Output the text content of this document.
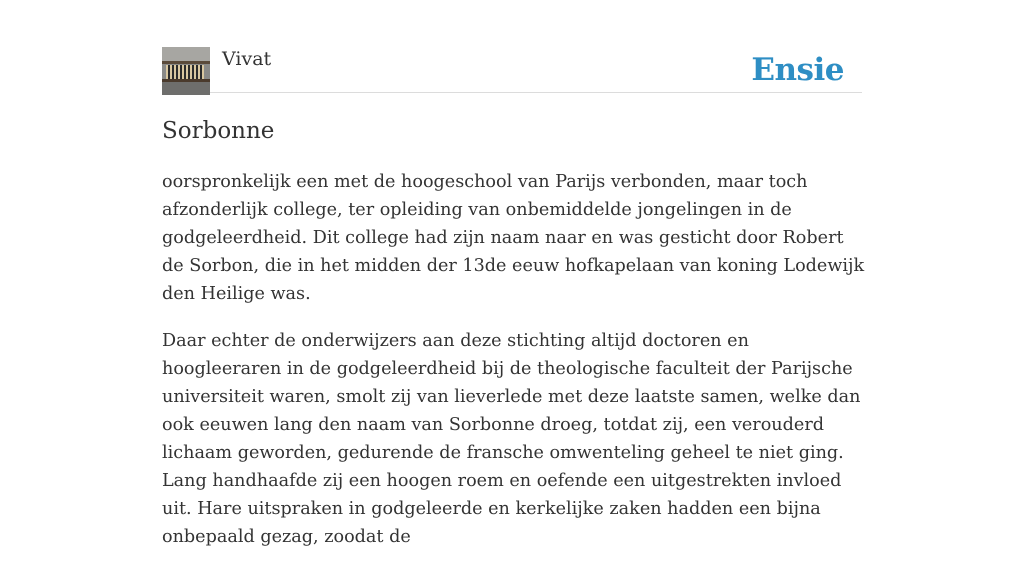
Vivat	Ensie
Sorbonne

oorspronkelijk een met de hoogeschool van Parijs verbonden, maar toch afzonderlijk college, ter opleiding van onbemiddelde jongelingen in de godgeleerdheid. Dit college had zijn naam naar en was gesticht door Robert de Sorbon, die in het midden der 13de eeuw hofkapelaan van koning Lodewijk den Heilige was.

Daar echter de onderwijzers aan deze stichting altijd doctoren en hoogleeraren in de godgeleerdheid bij de theologische faculteit der Parijsche universiteit waren, smolt zij van lieverlede met deze laatste samen, welke dan ook eeuwen lang den naam van Sorbonne droeg, totdat zij, een verouderd lichaam geworden, gedurende de fransche omwenteling geheel te niet ging. Lang handhaafde zij een hoogen roem en oefende een uitgestrekten invloed uit. Hare uitspraken in godgeleerde en kerkelijke zaken hadden een bijna onbepaald gezag, zoodat de
